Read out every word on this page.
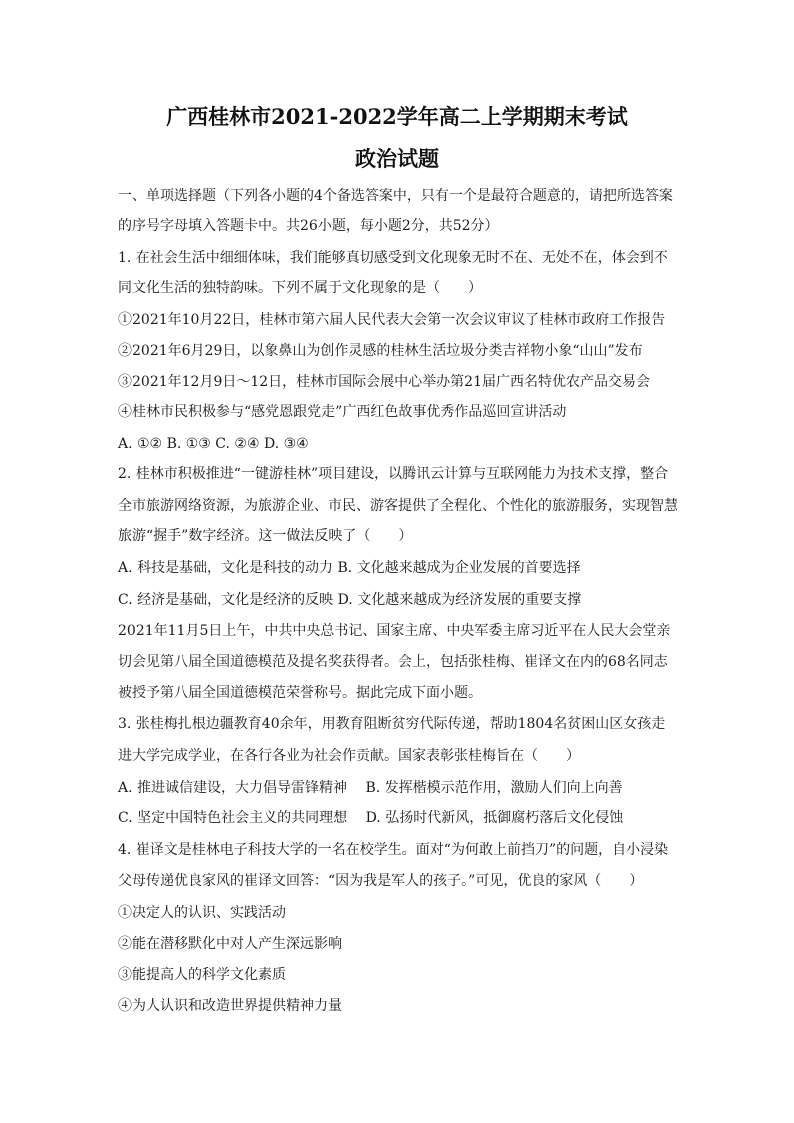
广西桂林市2021-2022学年高二上学期期末考试
政治试题
一、单项选择题（下列各小题的4个备选答案中，只有一个是最符合题意的，请把所选答案
的序号字母填入答题卡中。共26小题，每小题2分，共52分）
1. 在社会生活中细细体味，我们能够真切感受到文化现象无时不在、无处不在，体会到不
同文化生活的独特韵味。下列不属于文化现象的是（　　）
①2021年10月22日，桂林市第六届人民代表大会第一次会议审议了桂林市政府工作报告
②2021年6月29日，以象鼻山为创作灵感的桂林生活垃圾分类吉祥物小象“山山”发布
③2021年12月9日～12日，桂林市国际会展中心举办第21届广西名特优农产品交易会
④桂林市民积极参与“感党恩跟党走”广西红色故事优秀作品巡回宣讲活动
A. ①② B. ①③ C. ②④ D. ③④
2. 桂林市积极推进“一键游桂林”项目建设，以腾讯云计算与互联网能力为技术支撑，整合
全市旅游网络资源，为旅游企业、市民、游客提供了全程化、个性化的旅游服务，实现智慧
旅游“握手”数字经济。这一做法反映了（　　）
A. 科技是基础，文化是科技的动力 B. 文化越来越成为企业发展的首要选择
C. 经济是基础，文化是经济的反映 D. 文化越来越成为经济发展的重要支撑
2021年11月5日上午，中共中央总书记、国家主席、中央军委主席习近平在人民大会堂亲
切会见第八届全国道德模范及提名奖获得者。会上，包括张桂梅、崔译文在内的68名同志
被授予第八届全国道德模范荣誉称号。据此完成下面小题。
3. 张桂梅扎根边疆教育40余年，用教育阻断贫穷代际传递，帮助1804名贫困山区女孩走
进大学完成学业，在各行各业为社会作贡献。国家表彰张桂梅旨在（　　）
A. 推进诚信建设，大力倡导雷锋精神　 B. 发挥楷模示范作用，激励人们向上向善
C. 坚定中国特色社会主义的共同理想　 D. 弘扬时代新风，抵御腐朽落后文化侵蚀
4. 崔译文是桂林电子科技大学的一名在校学生。面对“为何敢上前挡刀”的问题，自小浸染
父母传递优良家风的崔译文回答：“因为我是军人的孩子。”可见，优良的家风（　　）
①决定人的认识、实践活动
②能在潜移默化中对人产生深远影响
③能提高人的科学文化素质
④为人认识和改造世界提供精神力量
